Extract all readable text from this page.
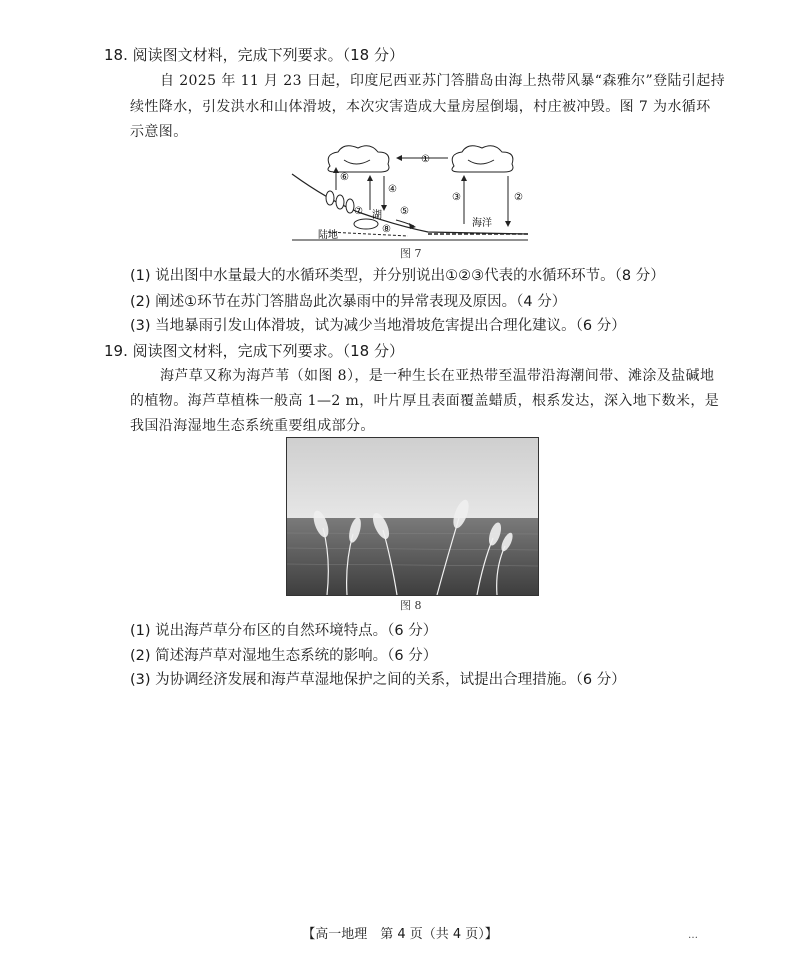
18. 阅读图文材料，完成下列要求。（18 分）
自 2025 年 11 月 23 日起，印度尼西亚苏门答腊岛由海上热带风暴“森雅尔”登陆引起持
续性降水，引发洪水和山体滑坡，本次灾害造成大量房屋倒塌，村庄被冲毁。图 7 为水循环
示意图。
①
②
③
④
⑤
⑥
⑦
⑧
湖
陆地
海洋
图 7
(1) 说出图中水量最大的水循环类型，并分别说出①②③代表的水循环环节。（8 分）
(2) 阐述①环节在苏门答腊岛此次暴雨中的异常表现及原因。（4 分）
(3) 当地暴雨引发山体滑坡，试为减少当地滑坡危害提出合理化建议。（6 分）
19. 阅读图文材料，完成下列要求。（18 分）
海芦草又称为海芦苇（如图 8），是一种生长在亚热带至温带沿海潮间带、滩涂及盐碱地
的植物。海芦草植株一般高 1—2 m，叶片厚且表面覆盖蜡质，根系发达，深入地下数米，是
我国沿海湿地生态系统重要组成部分。
图 8
(1) 说出海芦草分布区的自然环境特点。（6 分）
(2) 简述海芦草对湿地生态系统的影响。（6 分）
(3) 为协调经济发展和海芦草湿地保护之间的关系，试提出合理措施。（6 分）
【高一地理　第 4 页（共 4 页）】	…
